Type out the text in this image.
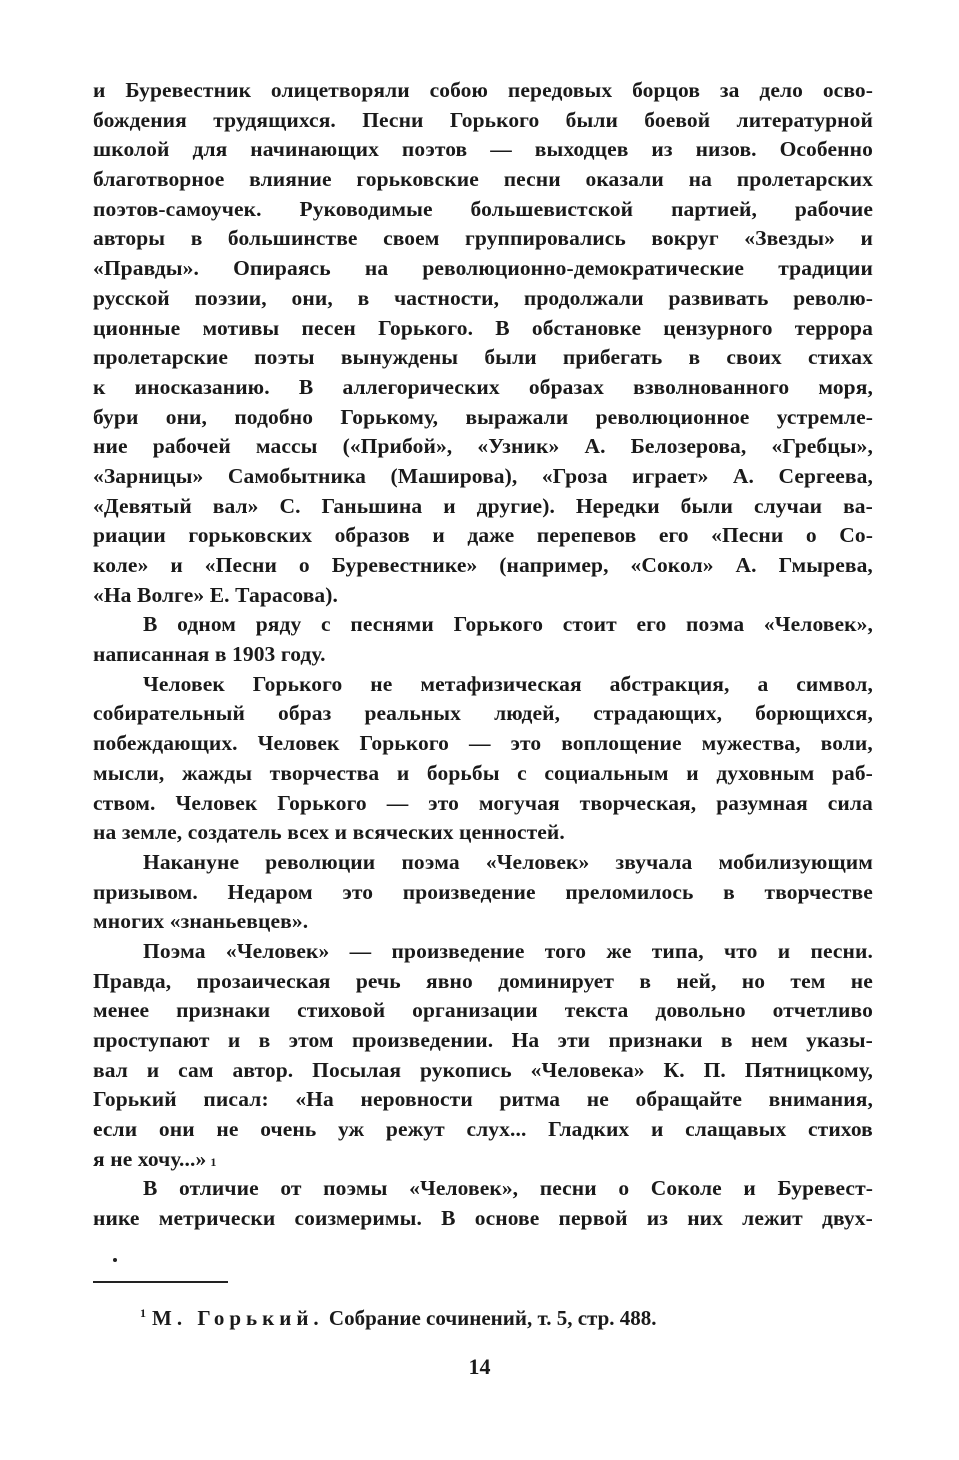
и Буревестник олицетворяли собою передовых борцов за дело осво-
бождения трудящихся. Песни Горького были боевой литературной
школой для начинающих поэтов — выходцев из низов. Особенно
благотворное влияние горьковские песни оказали на пролетарских
поэтов-самоучек. Руководимые большевистской партией, рабочие
авторы в большинстве своем группировались вокруг «Звезды» и
«Правды». Опираясь на революционно-демократические традиции
русской поэзии, они, в частности, продолжали развивать револю-
ционные мотивы песен Горького. В обстановке цензурного террора
пролетарские поэты вынуждены были прибегать в своих стихах
к иносказанию. В аллегорических образах взволнованного моря,
бури они, подобно Горькому, выражали революционное устремле-
ние рабочей массы («Прибой», «Узник» А. Белозерова, «Гребцы»,
«Зарницы» Самобытника (Маширова), «Гроза играет» А. Сергеева,
«Девятый вал» С. Ганьшина и другие). Нередки были случаи ва-
риации горьковских образов и даже перепевов его «Песни о Со-
коле» и «Песни о Буревестнике» (например, «Сокол» А. Гмырева,
«На Волге» Е. Тарасова).
В одном ряду с песнями Горького стоит его поэма «Человек»,
написанная в 1903 году.
Человек Горького не метафизическая абстракция, а символ,
собирательный образ реальных людей, страдающих, борющихся,
побеждающих. Человек Горького — это воплощение мужества, воли,
мысли, жажды творчества и борьбы с социальным и духовным раб-
ством. Человек Горького — это могучая творческая, разумная сила
на земле, создатель всех и всяческих ценностей.
Накануне революции поэма «Человек» звучала мобилизующим
призывом. Недаром это произведение преломилось в творчестве
многих «знаньевцев».
Поэма «Человек» — произведение того же типа, что и песни.
Правда, прозаическая речь явно доминирует в ней, но тем не
менее признаки стиховой организации текста довольно отчетливо
проступают и в этом произведении. На эти признаки в нем указы-
вал и сам автор. Посылая рукопись «Человека» К. П. Пятницкому,
Горький писал: «На неровности ритма не обращайте внимания,
если они не очень уж режут слух... Гладких и слащавых стихов
я не хочу...» 1
В отличие от поэмы «Человек», песни о Соколе и Буревест-
нике метрически соизмеримы. В основе первой из них лежит двух-
$^1$ М. Горький. Собрание сочинений, т. 5, стр. 488.
14
